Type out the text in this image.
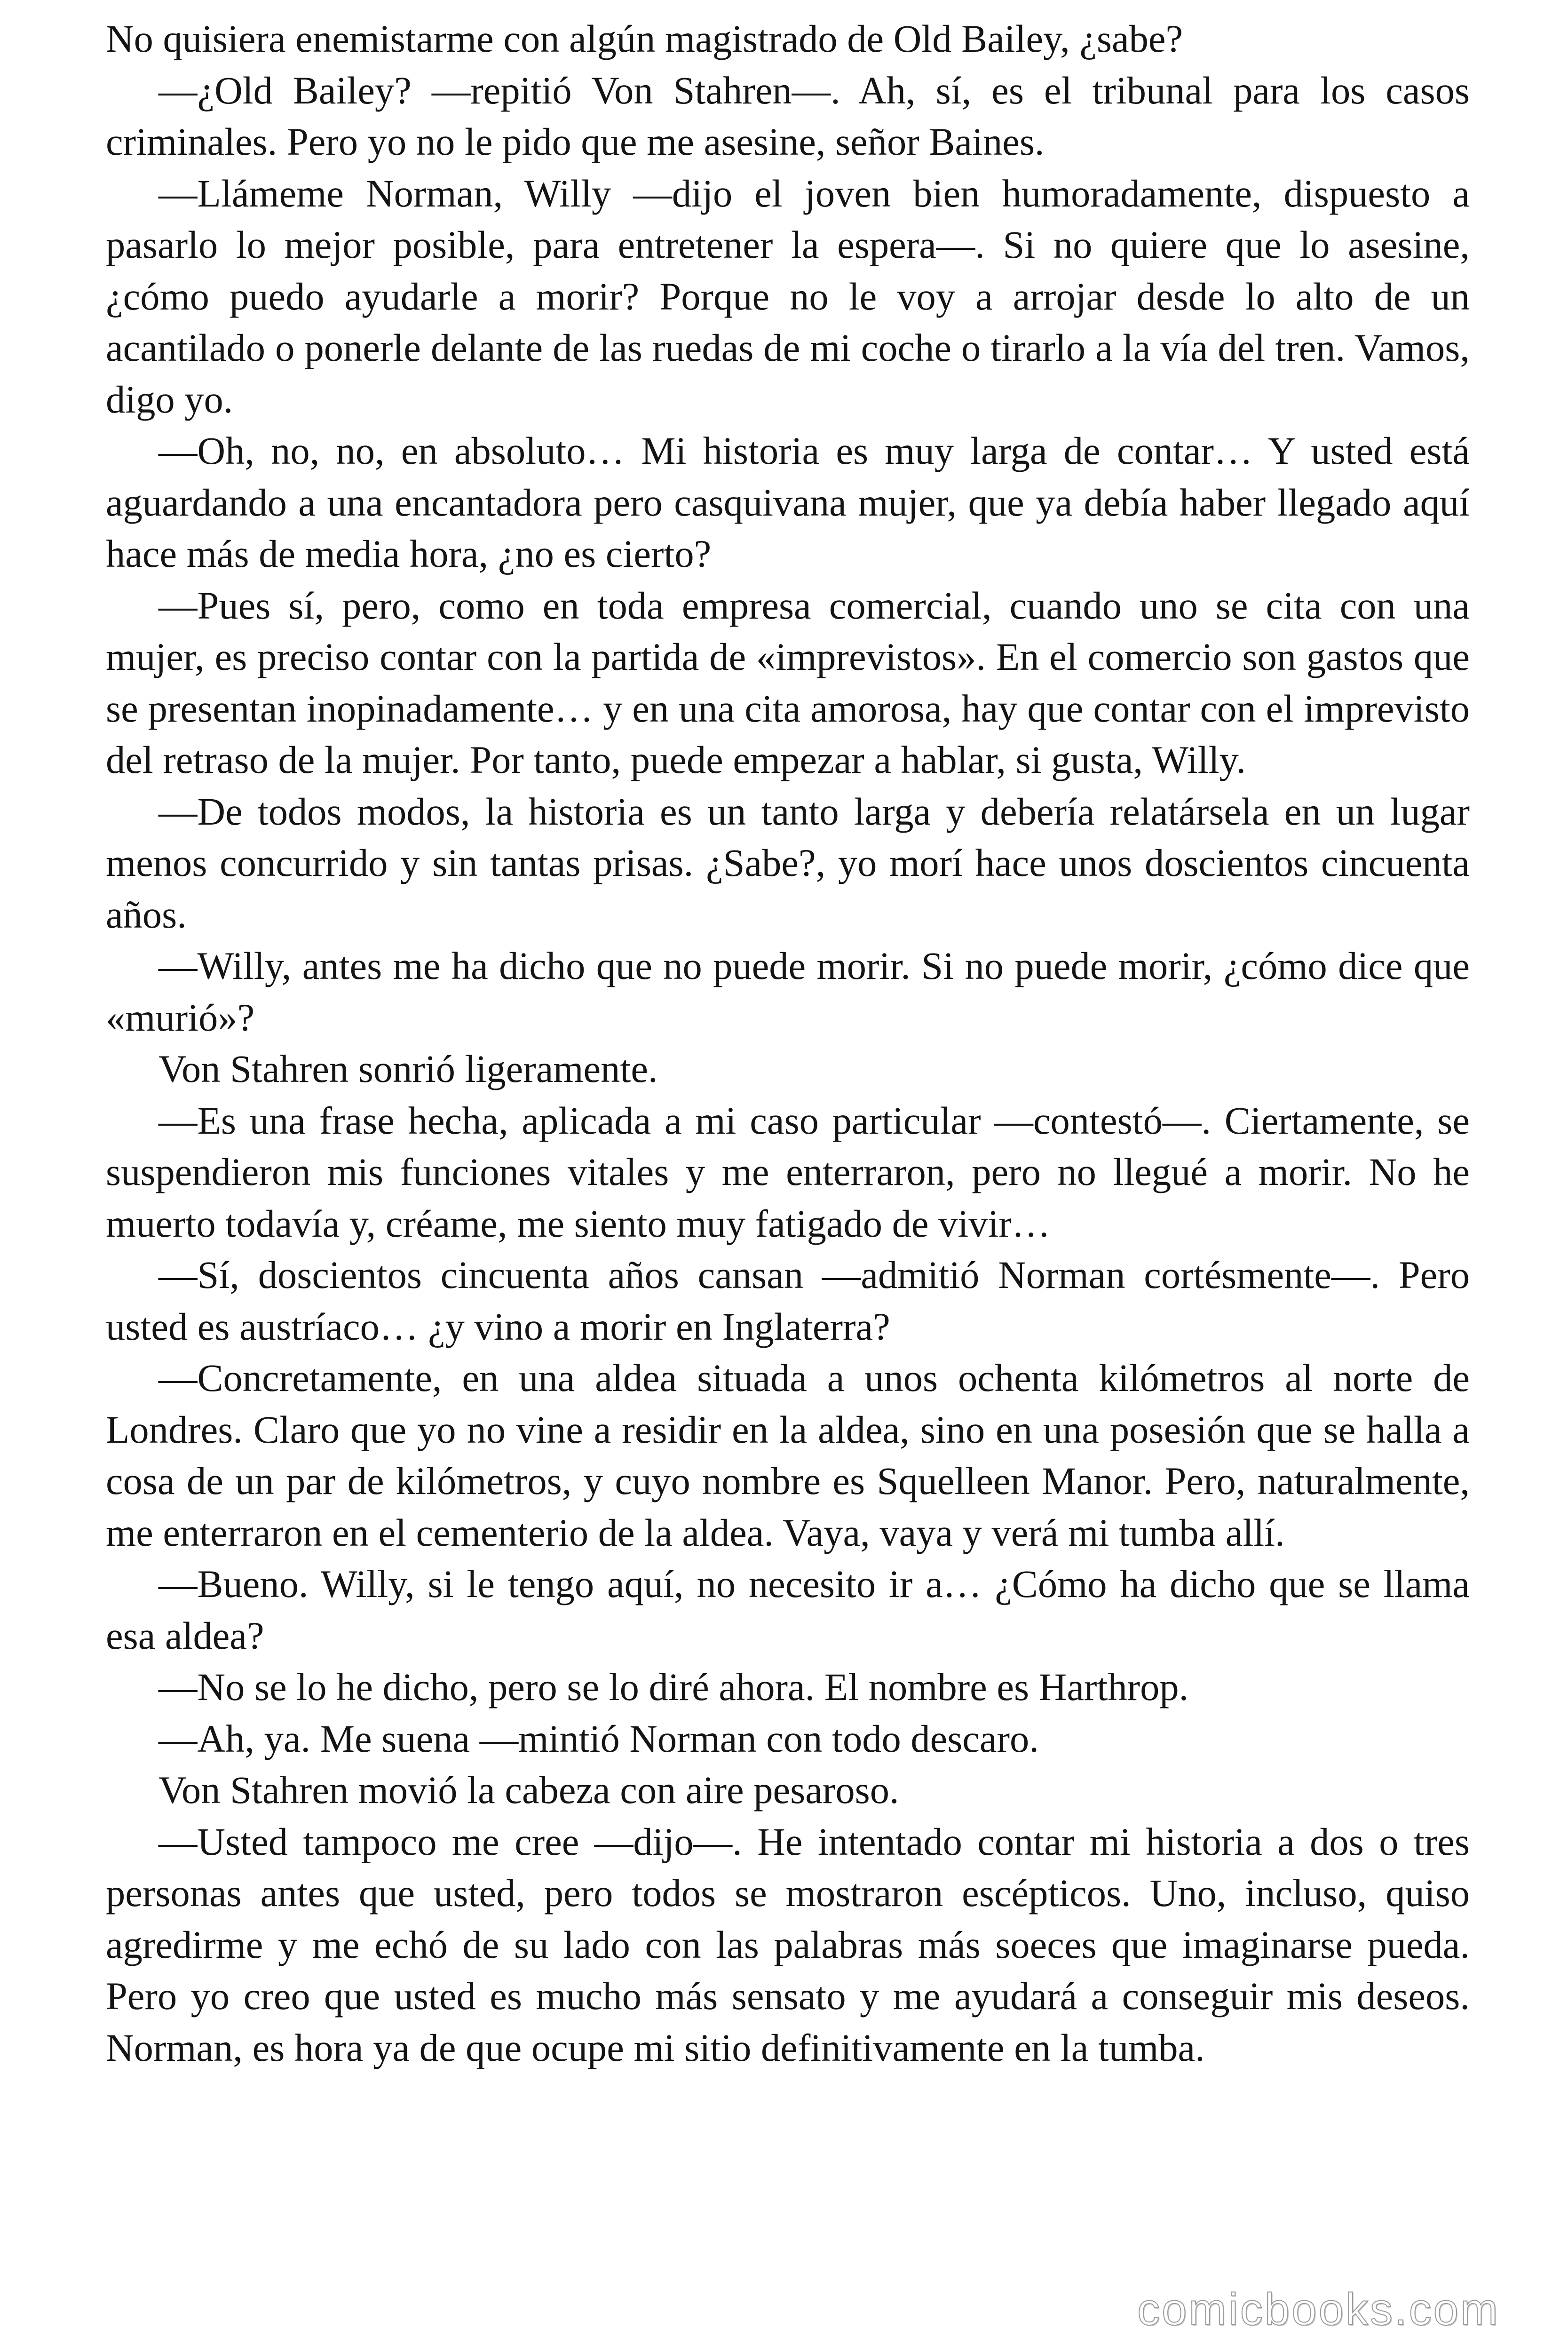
No quisiera enemistarme con algún magistrado de Old Bailey, ¿sabe?

—¿Old Bailey? —repitió Von Stahren—. Ah, sí, es el tribunal para los casos criminales. Pero yo no le pido que me asesine, señor Baines.

—Llámeme Norman, Willy —dijo el joven bien humoradamente, dispuesto a pasarlo lo mejor posible, para entretener la espera—. Si no quiere que lo asesine, ¿cómo puedo ayudarle a morir? Porque no le voy a arrojar desde lo alto de un acantilado o ponerle delante de las ruedas de mi coche o tirarlo a la vía del tren. Vamos, digo yo.

—Oh, no, no, en absoluto… Mi historia es muy larga de contar… Y usted está aguardando a una encantadora pero casquivana mujer, que ya debía haber llegado aquí hace más de media hora, ¿no es cierto?

—Pues sí, pero, como en toda empresa comercial, cuando uno se cita con una mujer, es preciso contar con la partida de «imprevistos». En el comercio son gastos que se presentan inopinadamente… y en una cita amorosa, hay que contar con el imprevisto del retraso de la mujer. Por tanto, puede empezar a hablar, si gusta, Willy.

—De todos modos, la historia es un tanto larga y debería relatársela en un lugar menos concurrido y sin tantas prisas. ¿Sabe?, yo morí hace unos doscientos cincuenta años.

—Willy, antes me ha dicho que no puede morir. Si no puede morir, ¿cómo dice que «murió»?

Von Stahren sonrió ligeramente.

—Es una frase hecha, aplicada a mi caso particular —contestó—. Ciertamente, se suspendieron mis funciones vitales y me enterraron, pero no llegué a morir. No he muerto todavía y, créame, me siento muy fatigado de vivir…

—Sí, doscientos cincuenta años cansan —admitió Norman cortésmente—. Pero usted es austríaco… ¿y vino a morir en Inglaterra?

—Concretamente, en una aldea situada a unos ochenta kilómetros al norte de Londres. Claro que yo no vine a residir en la aldea, sino en una posesión que se halla a cosa de un par de kilómetros, y cuyo nombre es Squelleen Manor. Pero, naturalmente, me enterraron en el cementerio de la aldea. Vaya, vaya y verá mi tumba allí.

—Bueno. Willy, si le tengo aquí, no necesito ir a… ¿Cómo ha dicho que se llama esa aldea?

—No se lo he dicho, pero se lo diré ahora. El nombre es Harthrop.

—Ah, ya. Me suena —mintió Norman con todo descaro.

Von Stahren movió la cabeza con aire pesaroso.

—Usted tampoco me cree —dijo—. He intentado contar mi historia a dos o tres personas antes que usted, pero todos se mostraron escépticos. Uno, incluso, quiso agredirme y me echó de su lado con las palabras más soeces que imaginarse pueda. Pero yo creo que usted es mucho más sensato y me ayudará a conseguir mis deseos. Norman, es hora ya de que ocupe mi sitio definitivamente en la tumba.

comicbooks.com
